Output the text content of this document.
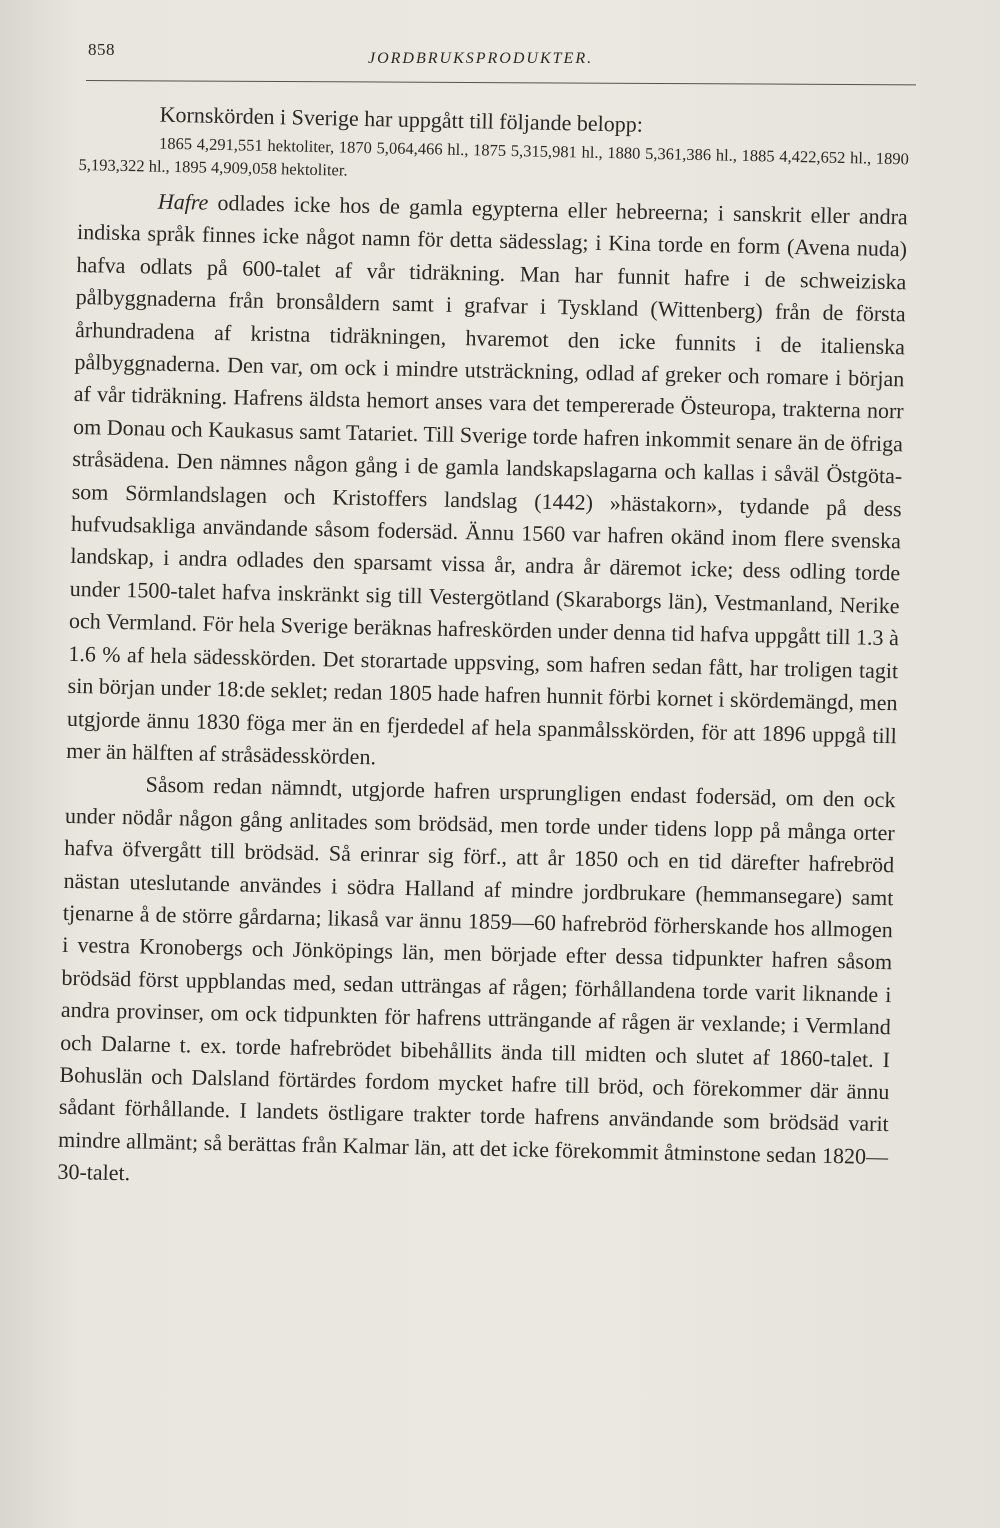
858	JORDBRUKSPRODUKTER.

Kornskörden i Sverige har uppgått till följande belopp:

1865 4,291,551 hektoliter, 1870 5,064,466 hl., 1875 5,315,981 hl., 1880 5,361,386 hl., 1885 4,422,652 hl., 1890 5,193,322 hl., 1895 4,909,058 hektoliter.

Hafre odlades icke hos de gamla egypterna eller hebreerna; i sanskrit eller andra indiska språk finnes icke något namn för detta sädesslag; i Kina torde en form (Avena nuda) hafva odlats på 600-talet af vår tidräkning. Man har funnit hafre i de schweiziska pålbyggnaderna från bronsåldern samt i grafvar i Tyskland (Wittenberg) från de första århundradena af kristna tidräkningen, hvaremot den icke funnits i de italienska pålbyggnaderna. Den var, om ock i mindre utsträckning, odlad af greker och romare i början af vår tidräkning. Hafrens äldsta hemort anses vara det tempererade Östeuropa, trakterna norr om Donau och Kaukasus samt Tatariet. Till Sverige torde hafren inkommit senare än de öfriga stråsädena. Den nämnes någon gång i de gamla landskapslagarna och kallas i såväl Östgöta- som Sörmlandslagen och Kristoffers landslag (1442) »hästakorn», tydande på dess hufvudsakliga användande såsom fodersäd. Ännu 1560 var hafren okänd inom flere svenska landskap, i andra odlades den sparsamt vissa år, andra år däremot icke; dess odling torde under 1500-talet hafva inskränkt sig till Vestergötland (Skaraborgs län), Vestmanland, Nerike och Vermland. För hela Sverige beräknas hafreskörden under denna tid hafva uppgått till 1.3 à 1.6 % af hela sädesskörden. Det storartade uppsving, som hafren sedan fått, har troligen tagit sin början under 18:de seklet; redan 1805 hade hafren hunnit förbi kornet i skördemängd, men utgjorde ännu 1830 föga mer än en fjerdedel af hela spanmålsskörden, för att 1896 uppgå till mer än hälften af stråsädesskörden.

Såsom redan nämndt, utgjorde hafren ursprungligen endast fodersäd, om den ock under nödår någon gång anlitades som brödsäd, men torde under tidens lopp på många orter hafva öfvergått till brödsäd. Så erinrar sig förf., att år 1850 och en tid därefter hafrebröd nästan uteslutande användes i södra Halland af mindre jordbrukare (hemmansegare) samt tjenarne å de större gårdarna; likaså var ännu 1859—60 hafrebröd förherskande hos allmogen i vestra Kronobergs och Jönköpings län, men började efter dessa tidpunkter hafren såsom brödsäd först uppblandas med, sedan utträngas af rågen; förhållandena torde varit liknande i andra provinser, om ock tidpunkten för hafrens utträngande af rågen är vexlande; i Vermland och Dalarne t. ex. torde hafrebrödet bibehållits ända till midten och slutet af 1860-talet. I Bohuslän och Dalsland förtärdes fordom mycket hafre till bröd, och förekommer där ännu sådant förhållande. I landets östligare trakter torde hafrens användande som brödsäd varit mindre allmänt; så berättas från Kalmar län, att det icke förekommit åtminstone sedan 1820—30-talet.
